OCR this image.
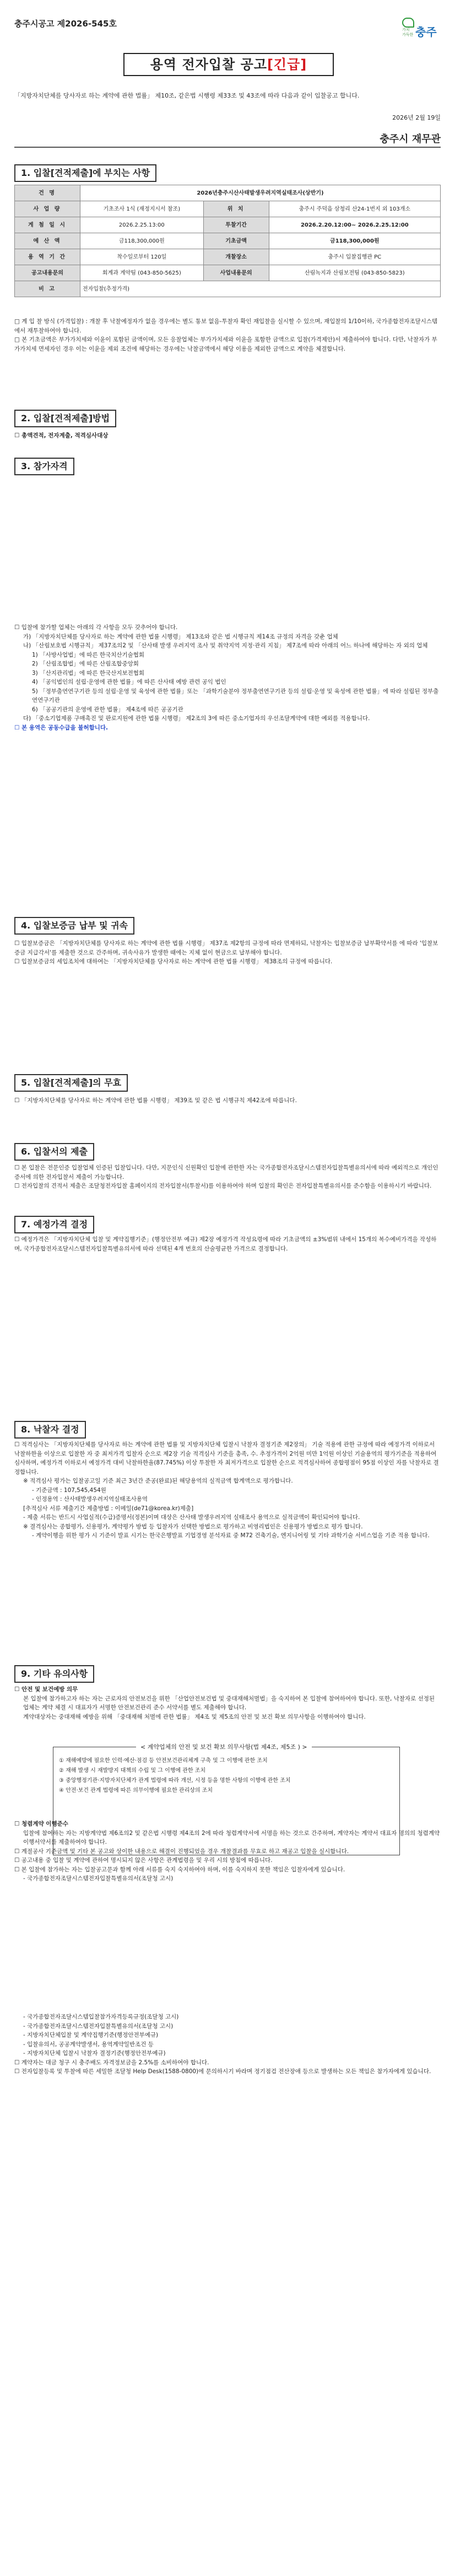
충주시공고 제2026-545호
가치
가득한 충주
용역 전자입찰 공고[긴급]
「지방자치단체를 당사자로 하는 계약에 관한 법률」 제10조, 같은법 시행령 제33조 및 43조에 따라 다음과 같이 입찰공고 합니다.
2026년 2월 19일
충주시 재무관
1. 입찰[견적제출]에 부치는 사항
건 명	2026년충주시산사태발생우려지역실태조사(상반기)		
사 업 량	기초조사 1식 (재정지시서 참조)	위 치	충주시 주덕읍 삼청리 산24-1번지 외 103개소
게 첨 일 시	2026.2.25.13:00	투찰기간	2026.2.20.12:00~ 2026.2.25.12:00
예 산 액	금118,300,000원	기초금액	금118,300,000원
용 역 기 간	착수일로부터 120일	개찰장소	충주시 입찰집행관 PC
공고내용문의	회계과 계약팀 (043-850-5625)	사업내용문의	산림녹지과 산림보전팀 (043-850-5823)
비 고	전자입찰(추정가격)		

□ 계 입 찰 방식 (가격입찰) : 개찰 후 낙찰예정자가 없을 경우에는 별도 통보 없음-투찰자 확인 재입찰을 실시할 수 있으며, 재입찰의 1/10이하, 국가종합전자조달시스템에서 재투찰하여야 합니다.

□ 본 기초금액은 부가가치세와 이윤이 포함된 금액이며, 모든 응찰업체는 부가가치세와 이윤을 포함한 금액으로 입찰(가격제안)서 제출하여야 합니다. 다만, 낙찰자가 부가가치세 면세자인 경우 이는 이윤을 제외 조건에 해당하는 경우에는 낙찰금액에서 해당 이용을 제외한 금액으로 계약을 체결합니다.

2. 입찰[견적제출]방법
☐ 총액견적, 전자계출, 적격심사대상
3. 참가자격

☐ 입찰에 참가할 업체는 아래의 각 사항을 모두 갖추어야 합니다.

가) 「지방자치단체를 당사자로 하는 계약에 관한 법률 시행령」 제13조와 같은 법 시행규칙 제14조 규정의 자격을 갖춘 업체

나) 「산림보호법 시행규칙」 제37조의2 및 「산사태 발생 우려지역 조사 및 취약지역 지정·관리 지침」 제7조에 따라 아래의 어느 하나에 해당하는 자 외의 업체

1) 「사방사업법」에 따른 한국치산기술협회

2) 「산림조합법」에 따른 산림조합중앙회

3) 「산지관리법」에 따른 한국산지보전협회

4) 「공익법인의 설립·운영에 관한 법률」에 따른 산사태 예방 관련 공익 법인

5) 「정부출연연구기관 등의 설립·운영 및 육성에 관한 법률」또는 「과학기술분야 정부출연연구기관 등의 설립·운영 및 육성에 관한 법률」에 따라 설립된 정부출연연구기관

6) 「공공기관의 운영에 관한 법률」 제4조에 따른 공공기관

다) 「중소기업제품 구매촉진 및 판로지원에 관한 법률 시행령」 제2조의 3에 따른 중소기업자의 우선조달계약에 대한 예외를 적용합니다.

☐ 본 용역은 공동수급을 불허합니다.

4. 입찰보증금 납부 및 귀속

☐ 입찰보증금은 「지방자치단체를 당사자로 하는 계약에 관한 법률 시행령」 제37조 제2항의 규정에 따라 면제하되, 낙찰자는 입찰보증금 납부확약서를 에 따라 '입찰보증금 지급각서'를 제출한 것으로 간주하며, 귀속사유가 발생한 때에는 지체 없이 현금으로 납부해야 합니다.

☐ 입찰보증금의 세입조치에 대하여는 「지방자치단체를 당사자로 하는 계약에 관한 법률 시행령」 제38조의 규정에 따릅니다.

5. 입찰[견적제출]의 무효
☐ 「지방자치단체를 당사자로 하는 계약에 관한 법률 시행령」 제39조 및 같은 법 시행규칙 제42조에 따릅니다.
6. 입찰서의 제출

☐ 본 입찰은 전문인증 입찰업체 인증된 입찰입니다. 다만, 지문인식 신원확인 입찰에 관한한 자는 국가종합전자조달시스템전자입찰특별유의서에 따라 예외적으로 개인인증서에 의한 전자입찰서 제출이 가능합니다.

☐ 전자입찰의 견적서 제출은 조달청전자입찰 홈페이지의 전자입찰서(투찰서)를 이용하여야 하며 입찰의 확인은 전자입찰특별유의서를 준수함을 이용하시기 바랍니다.

7. 예정가격 결정
☐ 예정가격은 「지방자치단체 입찰 및 계약집행기준」(행정안전부 예규) 제2장 예정가격 작성요령에 따라 기초금액의 ±3%범위 내에서 15개의 복수예비가격을 작성하며, 국가종합전자조달시스템전자입찰특별유의서에 따라 선택된 4개 번호의 산술평균한 가격으로 결정합니다.
8. 낙찰자 결정

☐ 적격심사는 「지방자치단체를 당사자로 하는 계약에 관한 법률 및 지방자치단체 입찰시 낙찰자 결정기준 제2장의」 기술 적용에 관한 규정에 따라 예정가격 이하로서 낙찰하한율 이상으로 입찰한 자 중 최저가격 입찰자 순으로 제2장 기술 적격심사 기준을 총족, 수. 추정가격이 2억원 미만 1억원 이상인 기술용역의 평가기준을 적용하여 심사하며, 예정가격 이하로서 예정가격 대비 낙찰하한율(87.745%) 이상 투찰한 자 최저가격으로 입찰한 순으로 적격심사하여 종합평점이 95점 이상인 자를 낙찰자로 결정합니다.

※ 적격심사 평가는 입찰공고일 기준 최근 3년간 준공(완료)된 해당용역의 실적금액 합계액으로 평가합니다.

- 기준금액 : 107,545,454원

- 인정용역 : 산사태발생우려지역실태조사용역

[추적심사 서류 제출기간 제출방법 : 이메일(de71@korea.kr)제출]

- 제출 서류는 반드시 사업실적(수급)증명서(정본)이며 대상은 산사태 발생우려지역 실태조사 용역으로 실적금액이 확인되어야 합니다.

※ 결격심사는 종합평가, 신용평가, 계약평가 방법 등 입찰자가 선택한 방법으로 평가하고 비영리법인은 신용평가 방법으로 평가 합니다.

- 계약이행을 위한 평가 시 기준이 발표 시기는 한국은행발표 기업경영 분석자료 중 M72 건축기술, 엔지니어링 및 기타 과학기술 서비스업을 기준 적용 합니다.

9. 기타 유의사항

☐ 안전 및 보건예방 의무

본 입찰에 참가하고자 하는 자는 근로자의 안전보건을 위한 「산업안전보건법 및 중대재해처벌법」을 숙지하여 본 입찰에 참여하여야 합니다. 또한, 낙찰자로 선정된 업체는 계약 체결 시 대표자가 서명한 안전보건관리 준수 서약서를 별도 제출해야 합니다.

계약대상자는 중대재해 예방을 위해 「중대재해 처벌에 관한 법률」 제4조 및 제5조의 안전 및 보건 확보 의무사항을 이행하여야 합니다.

< 계약업체의 안전 및 보건 확보 의무사항(법 제4조, 제5조 ) >
① 재해예방에 필요한 인력·예산·점검 등 안전보건관리체계 구축 및 그 이행에 관한 조치
② 재해 발생 시 재발방지 대책의 수립 및 그 이행에 관한 조치
③ 중앙행정기관·지방자치단체가 관계 법령에 따라 개선, 시정 등을 명한 사항의 이행에 관한 조치
④ 안전·보건 관계 법령에 따른 의무이행에 필요한 관리상의 조치

☐ 청렴계약 이행준수

입찰에 참여하는 자는 지방계약법 제6조의2 및 같은법 시행령 제4조의 2에 따라 청렴계약서에 서명을 하는 것으로 간주하며, 계약자는 계약서 대표자 명의의 청렴계약이행서약서를 제출하여야 합니다.

☐ 계절공사 기준금액 및 기타 본 공고와 상이한 내용으로 해결이 진행되었을 경우 개찰결과를 무효로 하고 재공고 입찰을 실시합니다.

☐ 공고내용 중 입찰 및 계약에 관하여 명시되지 않은 사항은 관계법령을 및 우리 시의 방침에 따릅니다.

☐ 본 입찰에 참가하는 자는 입찰공고문과 함께 아래 서류를 숙지 숙지하여야 하며, 이를 숙지하지 못한 책임은 입찰자에게 있습니다.

- 국가종합전자조달시스템전자입찰특별유의서(조달청 고시)

- 국가종합전자조달시스템입찰참가자격등록규정(조달청 고시)

- 국가종합전자조달시스템전자입찰특별유의서(조달청 고시)

- 지방자치단체입찰 및 계약집행기준(행정안전부예규)

- 입찰유의서, 공공계약발생서, 용역계약일반조건 등

- 지방자치단체 입찰시 낙찰자 결정기준(행정안전부예규)

☐ 계약자는 대금 청구 시 충주배도 자격정보금을 2.5%를 소비하여야 합니다.

☐ 전자입찰등록 및 투찰에 따른 세밀한 조달청 Help Desk(1588-0800)에 문의하시기 바라며 정기점검 전산장애 등으로 발생하는 모든 책임은 참가자에게 있습니다.
